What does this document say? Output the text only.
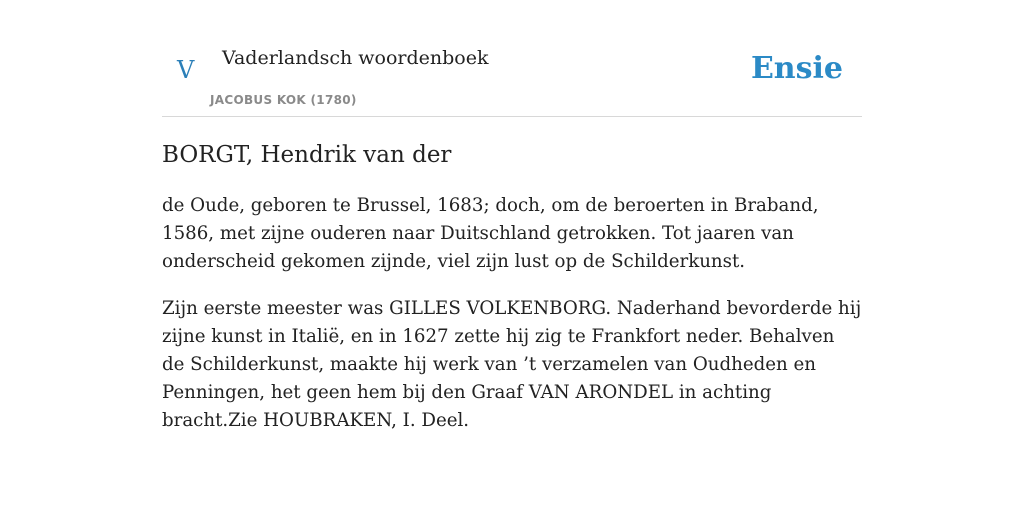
V Vaderlandsch woordenboek
JACOBUS KOK (1780)
Ensie
BORGT, Hendrik van der

de Oude, geboren te Brussel, 1683; doch, om de beroerten in Braband, 1586, met zijne ouderen naar Duitschland getrokken. Tot jaaren van onderscheid gekomen zijnde, viel zijn lust op de Schilderkunst.

Zijn eerste meester was GILLES VOLKENBORG. Naderhand bevorderde hij zijne kunst in Italië, en in 1627 zette hij zig te Frankfort neder. Behalven de Schilderkunst, maakte hij werk van ’t verzamelen van Oudheden en Penningen, het geen hem bij den Graaf VAN ARONDEL in achting bracht.Zie HOUBRAKEN, I. Deel.
